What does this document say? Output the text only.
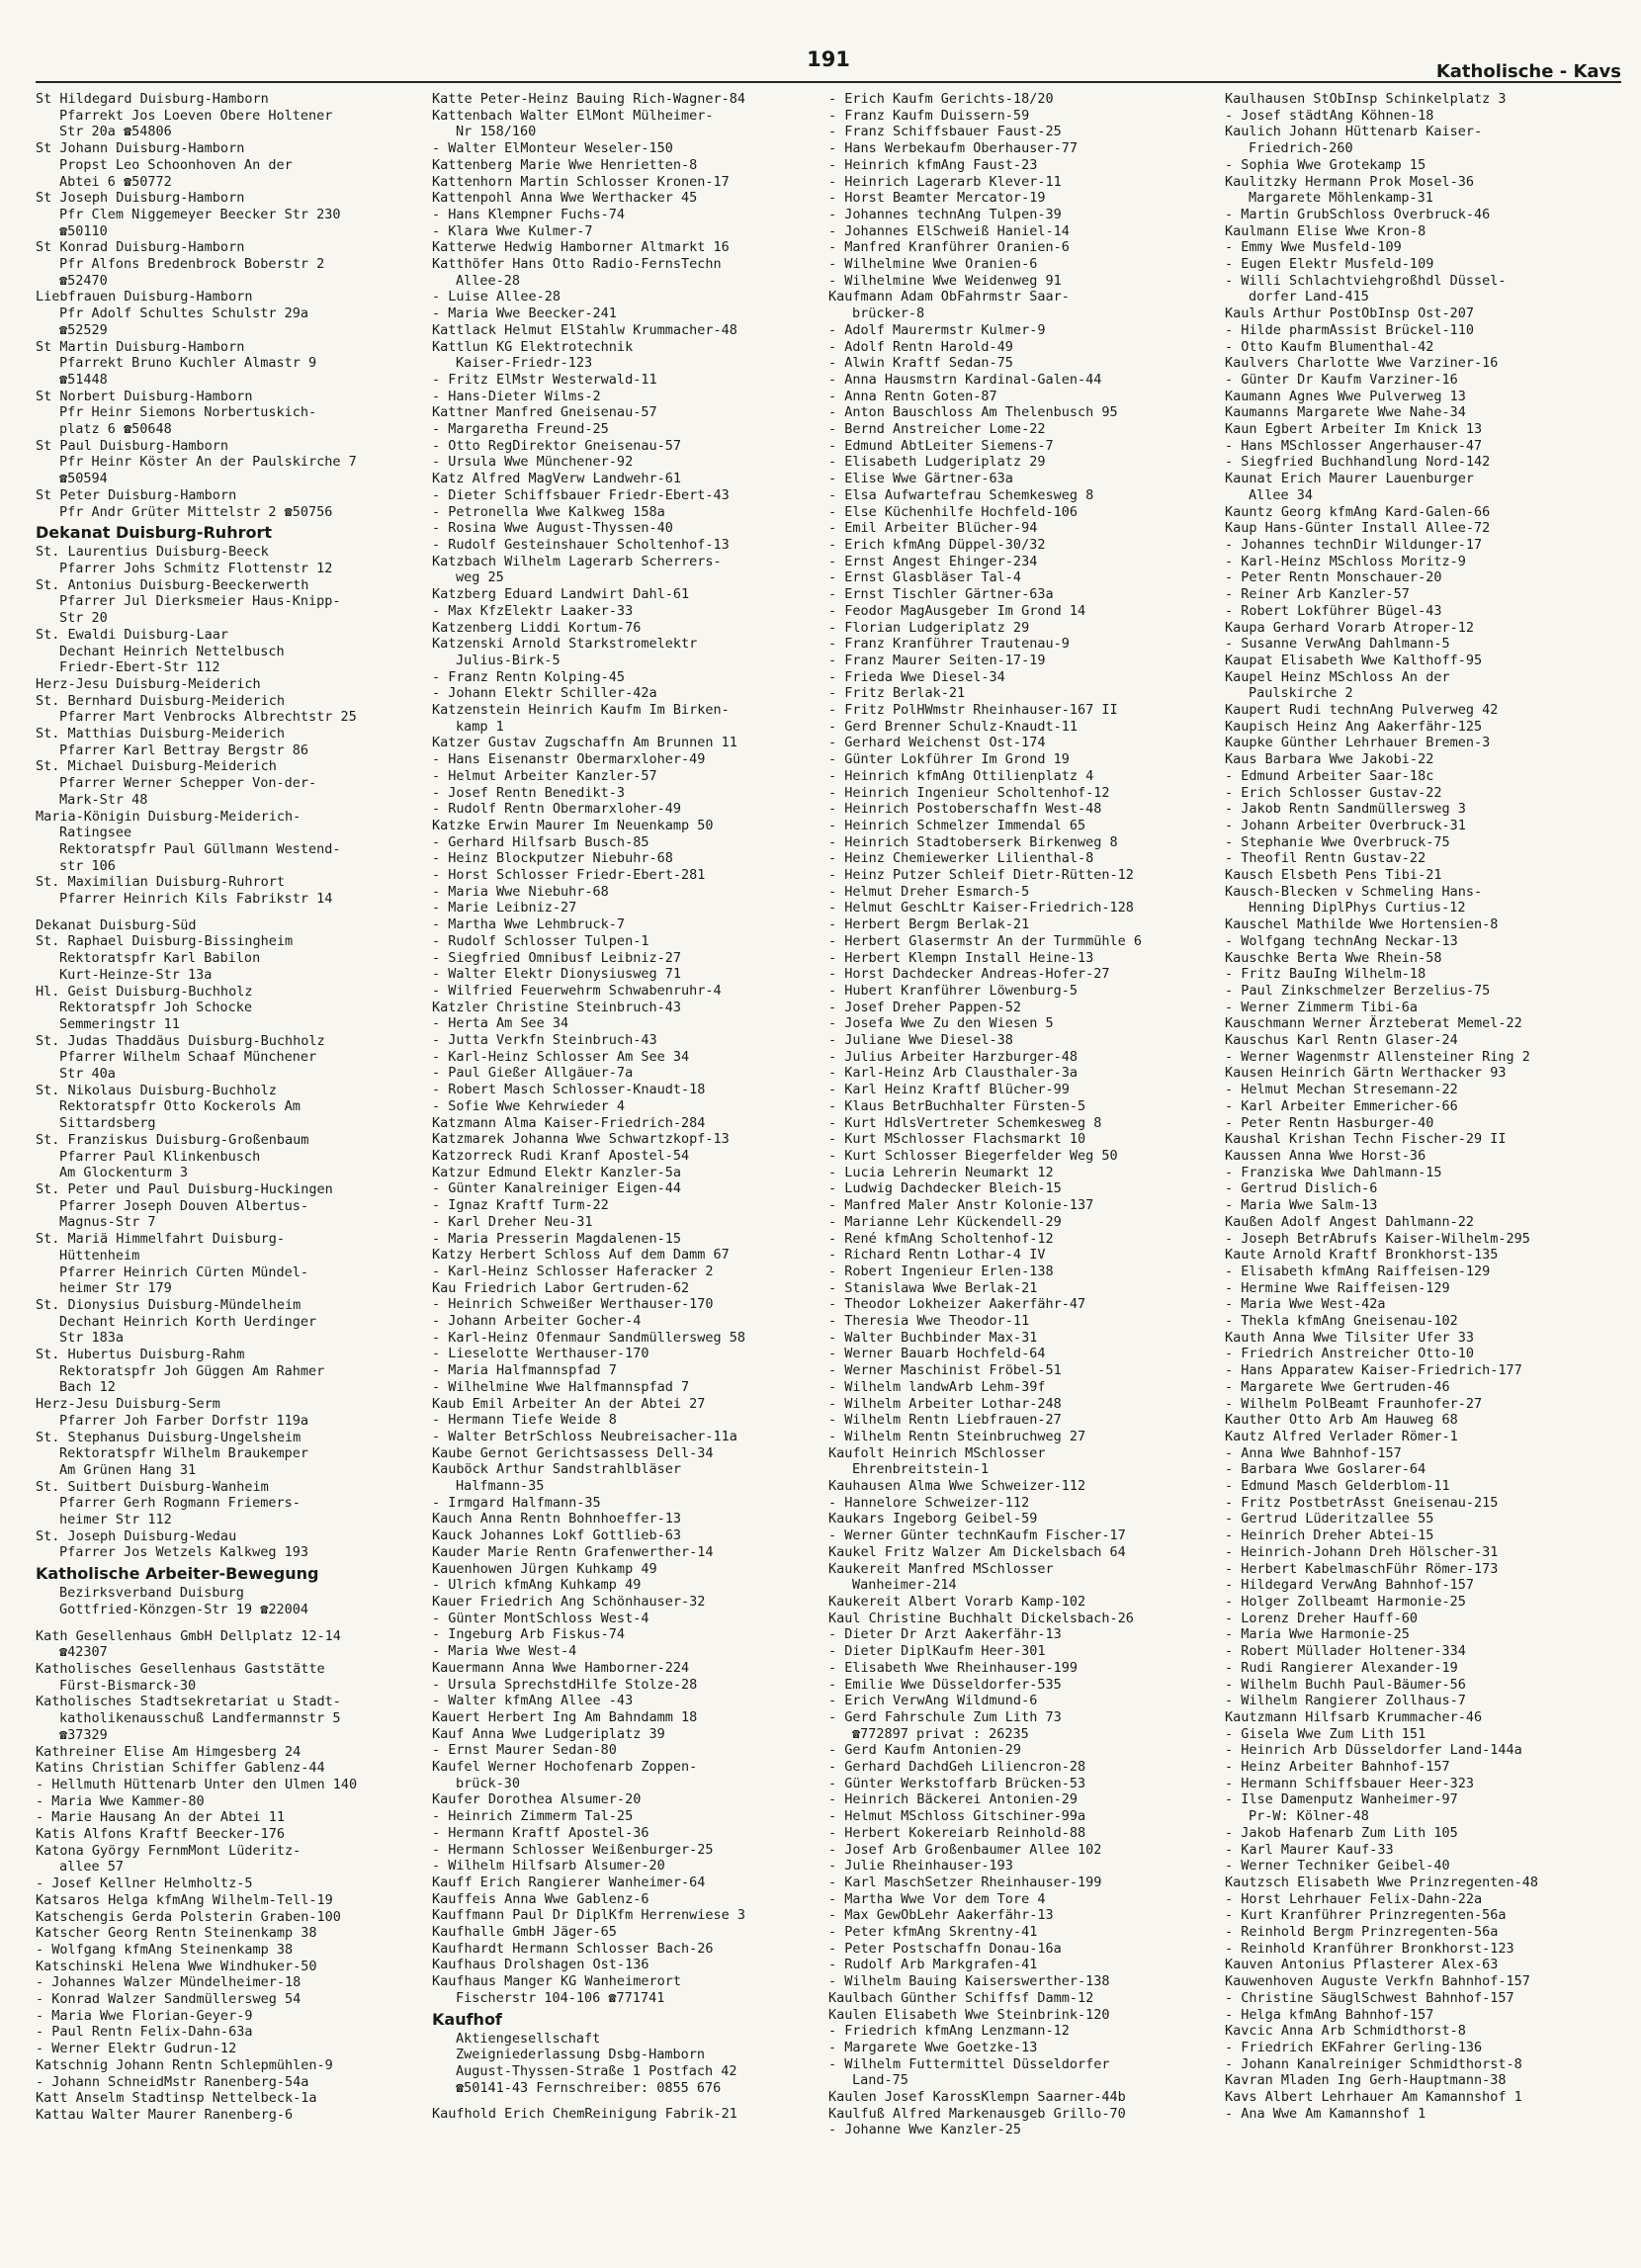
191
Katholische - Kavs
St Hildegard Duisburg-Hamborn
Pfarrekt Jos Loeven Obere Holtener
Str 20a ☎54806
St Johann Duisburg-Hamborn
Propst Leo Schoonhoven An der
Abtei 6 ☎50772
St Joseph Duisburg-Hamborn
Pfr Clem Niggemeyer Beecker Str 230
☎50110
St Konrad Duisburg-Hamborn
Pfr Alfons Bredenbrock Boberstr 2
☎52470
Liebfrauen Duisburg-Hamborn
Pfr Adolf Schultes Schulstr 29a
☎52529
St Martin Duisburg-Hamborn
Pfarrekt Bruno Kuchler Almastr 9
☎51448
St Norbert Duisburg-Hamborn
Pfr Heinr Siemons Norbertuskich-
platz 6 ☎50648
St Paul Duisburg-Hamborn
Pfr Heinr Köster An der Paulskirche 7
☎50594
St Peter Duisburg-Hamborn
Pfr Andr Grüter Mittelstr 2 ☎50756
Dekanat Duisburg-Ruhrort
St. Laurentius Duisburg-Beeck
Pfarrer Johs Schmitz Flottenstr 12
St. Antonius Duisburg-Beeckerwerth
Pfarrer Jul Dierksmeier Haus-Knipp-
Str 20
St. Ewaldi Duisburg-Laar
Dechant Heinrich Nettelbusch
Friedr-Ebert-Str 112
Herz-Jesu Duisburg-Meiderich
St. Bernhard Duisburg-Meiderich
Pfarrer Mart Venbrocks Albrechtstr 25
St. Matthias Duisburg-Meiderich
Pfarrer Karl Bettray Bergstr 86
St. Michael Duisburg-Meiderich
Pfarrer Werner Schepper Von-der-
Mark-Str 48
Maria-Königin Duisburg-Meiderich-
Ratingsee
Rektoratspfr Paul Güllmann Westend-
str 106
St. Maximilian Duisburg-Ruhrort
Pfarrer Heinrich Kils Fabrikstr 14
Dekanat Duisburg-Süd
St. Raphael Duisburg-Bissingheim
Rektoratspfr Karl Babilon
Kurt-Heinze-Str 13a
Hl. Geist Duisburg-Buchholz
Rektoratspfr Joh Schocke
Semmeringstr 11
St. Judas Thaddäus Duisburg-Buchholz
Pfarrer Wilhelm Schaaf Münchener
Str 40a
St. Nikolaus Duisburg-Buchholz
Rektoratspfr Otto Kockerols Am
Sittardsberg
St. Franziskus Duisburg-Großenbaum
Pfarrer Paul Klinkenbusch
Am Glockenturm 3
St. Peter und Paul Duisburg-Huckingen
Pfarrer Joseph Douven Albertus-
Magnus-Str 7
St. Mariä Himmelfahrt Duisburg-
Hüttenheim
Pfarrer Heinrich Cürten Mündel-
heimer Str 179
St. Dionysius Duisburg-Mündelheim
Dechant Heinrich Korth Uerdinger
Str 183a
St. Hubertus Duisburg-Rahm
Rektoratspfr Joh Güggen Am Rahmer
Bach 12
Herz-Jesu Duisburg-Serm
Pfarrer Joh Farber Dorfstr 119a
St. Stephanus Duisburg-Ungelsheim
Rektoratspfr Wilhelm Braukemper
Am Grünen Hang 31
St. Suitbert Duisburg-Wanheim
Pfarrer Gerh Rogmann Friemers-
heimer Str 112
St. Joseph Duisburg-Wedau
Pfarrer Jos Wetzels Kalkweg 193
Katholische Arbeiter-Bewegung
Bezirksverband Duisburg
Gottfried-Könzgen-Str 19 ☎22004
Kath Gesellenhaus GmbH Dellplatz 12-14
☎42307
Katholisches Gesellenhaus Gaststätte
Fürst-Bismarck-30
Katholisches Stadtsekretariat u Stadt-
katholikenausschuß Landfermannstr 5
☎37329
Kathreiner Elise Am Himgesberg 24
Katins Christian Schiffer Gablenz-44
- Hellmuth Hüttenarb Unter den Ulmen 140
- Maria Wwe Kammer-80
- Marie Hausang An der Abtei 11
Katis Alfons Kraftf Beecker-176
Katona György FernmMont Lüderitz-
allee 57
- Josef Kellner Helmholtz-5
Katsaros Helga kfmAng Wilhelm-Tell-19
Katschengis Gerda Polsterin Graben-100
Katscher Georg Rentn Steinenkamp 38
- Wolfgang kfmAng Steinenkamp 38
Katschinski Helena Wwe Windhuker-50
- Johannes Walzer Mündelheimer-18
- Konrad Walzer Sandmüllersweg 54
- Maria Wwe Florian-Geyer-9
- Paul Rentn Felix-Dahn-63a
- Werner Elektr Gudrun-12
Katschnig Johann Rentn Schlepmühlen-9
- Johann SchneidMstr Ranenberg-54a
Katt Anselm Stadtinsp Nettelbeck-1a
Kattau Walter Maurer Ranenberg-6
Katte Peter-Heinz Bauing Rich-Wagner-84
Kattenbach Walter ElMont Mülheimer-
Nr 158/160
- Walter ElMonteur Weseler-150
Kattenberg Marie Wwe Henrietten-8
Kattenhorn Martin Schlosser Kronen-17
Kattenpohl Anna Wwe Werthacker 45
- Hans Klempner Fuchs-74
- Klara Wwe Kulmer-7
Katterwe Hedwig Hamborner Altmarkt 16
Katthöfer Hans Otto Radio-FernsTechn
Allee-28
- Luise Allee-28
- Maria Wwe Beecker-241
Kattlack Helmut ElStahlw Krummacher-48
Kattlun KG Elektrotechnik
Kaiser-Friedr-123
- Fritz ElMstr Westerwald-11
- Hans-Dieter Wilms-2
Kattner Manfred Gneisenau-57
- Margaretha Freund-25
- Otto RegDirektor Gneisenau-57
- Ursula Wwe Münchener-92
Katz Alfred MagVerw Landwehr-61
- Dieter Schiffsbauer Friedr-Ebert-43
- Petronella Wwe Kalkweg 158a
- Rosina Wwe August-Thyssen-40
- Rudolf Gesteinshauer Scholtenhof-13
Katzbach Wilhelm Lagerarb Scherrers-
weg 25
Katzberg Eduard Landwirt Dahl-61
- Max KfzElektr Laaker-33
Katzenberg Liddi Kortum-76
Katzenski Arnold Starkstromelektr
Julius-Birk-5
- Franz Rentn Kolping-45
- Johann Elektr Schiller-42a
Katzenstein Heinrich Kaufm Im Birken-
kamp 1
Katzer Gustav Zugschaffn Am Brunnen 11
- Hans Eisenanstr Obermarxloher-49
- Helmut Arbeiter Kanzler-57
- Josef Rentn Benedikt-3
- Rudolf Rentn Obermarxloher-49
Katzke Erwin Maurer Im Neuenkamp 50
- Gerhard Hilfsarb Busch-85
- Heinz Blockputzer Niebuhr-68
- Horst Schlosser Friedr-Ebert-281
- Maria Wwe Niebuhr-68
- Marie Leibniz-27
- Martha Wwe Lehmbruck-7
- Rudolf Schlosser Tulpen-1
- Siegfried Omnibusf Leibniz-27
- Walter Elektr Dionysiusweg 71
- Wilfried Feuerwehrm Schwabenruhr-4
Katzler Christine Steinbruch-43
- Herta Am See 34
- Jutta Verkfn Steinbruch-43
- Karl-Heinz Schlosser Am See 34
- Paul Gießer Allgäuer-7a
- Robert Masch Schlosser-Knaudt-18
- Sofie Wwe Kehrwieder 4
Katzmann Alma Kaiser-Friedrich-284
Katzmarek Johanna Wwe Schwartzkopf-13
Katzorreck Rudi Kranf Apostel-54
Katzur Edmund Elektr Kanzler-5a
- Günter Kanalreiniger Eigen-44
- Ignaz Kraftf Turm-22
- Karl Dreher Neu-31
- Maria Presserin Magdalenen-15
Katzy Herbert Schloss Auf dem Damm 67
- Karl-Heinz Schlosser Haferacker 2
Kau Friedrich Labor Gertruden-62
- Heinrich Schweißer Werthauser-170
- Johann Arbeiter Gocher-4
- Karl-Heinz Ofenmaur Sandmüllersweg 58
- Lieselotte Werthauser-170
- Maria Halfmannspfad 7
- Wilhelmine Wwe Halfmannspfad 7
Kaub Emil Arbeiter An der Abtei 27
- Hermann Tiefe Weide 8
- Walter BetrSchloss Neubreisacher-11a
Kaube Gernot Gerichtsassess Dell-34
Kauböck Arthur Sandstrahlbläser
Halfmann-35
- Irmgard Halfmann-35
Kauch Anna Rentn Bohnhoeffer-13
Kauck Johannes Lokf Gottlieb-63
Kauder Marie Rentn Grafenwerther-14
Kauenhowen Jürgen Kuhkamp 49
- Ulrich kfmAng Kuhkamp 49
Kauer Friedrich Ang Schönhauser-32
- Günter MontSchloss West-4
- Ingeburg Arb Fiskus-74
- Maria Wwe West-4
Kauermann Anna Wwe Hamborner-224
- Ursula SprechstdHilfe Stolze-28
- Walter kfmAng Allee -43
Kauert Herbert Ing Am Bahndamm 18
Kauf Anna Wwe Ludgeriplatz 39
- Ernst Maurer Sedan-80
Kaufel Werner Hochofenarb Zoppen-
brück-30
Kaufer Dorothea Alsumer-20
- Heinrich Zimmerm Tal-25
- Hermann Kraftf Apostel-36
- Hermann Schlosser Weißenburger-25
- Wilhelm Hilfsarb Alsumer-20
Kauff Erich Rangierer Wanheimer-64
Kauffeis Anna Wwe Gablenz-6
Kauffmann Paul Dr DiplKfm Herrenwiese 3
Kaufhalle GmbH Jäger-65
Kaufhardt Hermann Schlosser Bach-26
Kaufhaus Drolshagen Ost-136
Kaufhaus Manger KG Wanheimerort
Fischerstr 104-106 ☎771741
Kaufhof
Aktiengesellschaft
Zweigniederlassung Dsbg-Hamborn
August-Thyssen-Straße 1 Postfach 42
☎50141-43 Fernschreiber: 0855 676
Kaufhold Erich ChemReinigung Fabrik-21
- Erich Kaufm Gerichts-18/20
- Franz Kaufm Duissern-59
- Franz Schiffsbauer Faust-25
- Hans Werbekaufm Oberhauser-77
- Heinrich kfmAng Faust-23
- Heinrich Lagerarb Klever-11
- Horst Beamter Mercator-19
- Johannes technAng Tulpen-39
- Johannes ElSchweiß Haniel-14
- Manfred Kranführer Oranien-6
- Wilhelmine Wwe Oranien-6
- Wilhelmine Wwe Weidenweg 91
Kaufmann Adam ObFahrmstr Saar-
brücker-8
- Adolf Maurermstr Kulmer-9
- Adolf Rentn Harold-49
- Alwin Kraftf Sedan-75
- Anna Hausmstrn Kardinal-Galen-44
- Anna Rentn Goten-87
- Anton Bauschloss Am Thelenbusch 95
- Bernd Anstreicher Lome-22
- Edmund AbtLeiter Siemens-7
- Elisabeth Ludgeriplatz 29
- Elise Wwe Gärtner-63a
- Elsa Aufwartefrau Schemkesweg 8
- Else Küchenhilfe Hochfeld-106
- Emil Arbeiter Blücher-94
- Erich kfmAng Düppel-30/32
- Ernst Angest Ehinger-234
- Ernst Glasbläser Tal-4
- Ernst Tischler Gärtner-63a
- Feodor MagAusgeber Im Grond 14
- Florian Ludgeriplatz 29
- Franz Kranführer Trautenau-9
- Franz Maurer Seiten-17-19
- Frieda Wwe Diesel-34
- Fritz Berlak-21
- Fritz PolHWmstr Rheinhauser-167 II
- Gerd Brenner Schulz-Knaudt-11
- Gerhard Weichenst Ost-174
- Günter Lokführer Im Grond 19
- Heinrich kfmAng Ottilienplatz 4
- Heinrich Ingenieur Scholtenhof-12
- Heinrich Postoberschaffn West-48
- Heinrich Schmelzer Immendal 65
- Heinrich Stadtoberserk Birkenweg 8
- Heinz Chemiewerker Lilienthal-8
- Heinz Putzer Schleif Dietr-Rütten-12
- Helmut Dreher Esmarch-5
- Helmut GeschLtr Kaiser-Friedrich-128
- Herbert Bergm Berlak-21
- Herbert Glasermstr An der Turmmühle 6
- Herbert Klempn Install Heine-13
- Horst Dachdecker Andreas-Hofer-27
- Hubert Kranführer Löwenburg-5
- Josef Dreher Pappen-52
- Josefa Wwe Zu den Wiesen 5
- Juliane Wwe Diesel-38
- Julius Arbeiter Harzburger-48
- Karl-Heinz Arb Clausthaler-3a
- Karl Heinz Kraftf Blücher-99
- Klaus BetrBuchhalter Fürsten-5
- Kurt HdlsVertreter Schemkesweg 8
- Kurt MSchlosser Flachsmarkt 10
- Kurt Schlosser Biegerfelder Weg 50
- Lucia Lehrerin Neumarkt 12
- Ludwig Dachdecker Bleich-15
- Manfred Maler Anstr Kolonie-137
- Marianne Lehr Kückendell-29
- René kfmAng Scholtenhof-12
- Richard Rentn Lothar-4 IV
- Robert Ingenieur Erlen-138
- Stanislawa Wwe Berlak-21
- Theodor Lokheizer Aakerfähr-47
- Theresia Wwe Theodor-11
- Walter Buchbinder Max-31
- Werner Bauarb Hochfeld-64
- Werner Maschinist Fröbel-51
- Wilhelm landwArb Lehm-39f
- Wilhelm Arbeiter Lothar-248
- Wilhelm Rentn Liebfrauen-27
- Wilhelm Rentn Steinbruchweg 27
Kaufolt Heinrich MSchlosser
Ehrenbreitstein-1
Kauhausen Alma Wwe Schweizer-112
- Hannelore Schweizer-112
Kaukars Ingeborg Geibel-59
- Werner Günter technKaufm Fischer-17
Kaukel Fritz Walzer Am Dickelsbach 64
Kaukereit Manfred MSchlosser
Wanheimer-214
Kaukereit Albert Vorarb Kamp-102
Kaul Christine Buchhalt Dickelsbach-26
- Dieter Dr Arzt Aakerfähr-13
- Dieter DiplKaufm Heer-301
- Elisabeth Wwe Rheinhauser-199
- Emilie Wwe Düsseldorfer-535
- Erich VerwAng Wildmund-6
- Gerd Fahrschule Zum Lith 73
☎772897 privat : 26235
- Gerd Kaufm Antonien-29
- Gerhard DachdGeh Liliencron-28
- Günter Werkstoffarb Brücken-53
- Heinrich Bäckerei Antonien-29
- Helmut MSchloss Gitschiner-99a
- Herbert Kokereiarb Reinhold-88
- Josef Arb Großenbaumer Allee 102
- Julie Rheinhauser-193
- Karl MaschSetzer Rheinhauser-199
- Martha Wwe Vor dem Tore 4
- Max GewObLehr Aakerfähr-13
- Peter kfmAng Skrentny-41
- Peter Postschaffn Donau-16a
- Rudolf Arb Markgrafen-41
- Wilhelm Bauing Kaiserswerther-138
Kaulbach Günther Schiffsf Damm-12
Kaulen Elisabeth Wwe Steinbrink-120
- Friedrich kfmAng Lenzmann-12
- Margarete Wwe Goetzke-13
- Wilhelm Futtermittel Düsseldorfer
Land-75
Kaulen Josef KarossKlempn Saarner-44b
Kaulfuß Alfred Markenausgeb Grillo-70
- Johanne Wwe Kanzler-25
Kaulhausen StObInsp Schinkelplatz 3
- Josef städtAng Köhnen-18
Kaulich Johann Hüttenarb Kaiser-
Friedrich-260
- Sophia Wwe Grotekamp 15
Kaulitzky Hermann Prok Mosel-36
Margarete Möhlenkamp-31
- Martin GrubSchloss Overbruck-46
Kaulmann Elise Wwe Kron-8
- Emmy Wwe Musfeld-109
- Eugen Elektr Musfeld-109
- Willi Schlachtviehgroßhdl Düssel-
dorfer Land-415
Kauls Arthur PostObInsp Ost-207
- Hilde pharmAssist Brückel-110
- Otto Kaufm Blumenthal-42
Kaulvers Charlotte Wwe Varziner-16
- Günter Dr Kaufm Varziner-16
Kaumann Agnes Wwe Pulverweg 13
Kaumanns Margarete Wwe Nahe-34
Kaun Egbert Arbeiter Im Knick 13
- Hans MSchlosser Angerhauser-47
- Siegfried Buchhandlung Nord-142
Kaunat Erich Maurer Lauenburger
Allee 34
Kauntz Georg kfmAng Kard-Galen-66
Kaup Hans-Günter Install Allee-72
- Johannes technDir Wildunger-17
- Karl-Heinz MSchloss Moritz-9
- Peter Rentn Monschauer-20
- Reiner Arb Kanzler-57
- Robert Lokführer Bügel-43
Kaupa Gerhard Vorarb Atroper-12
- Susanne VerwAng Dahlmann-5
Kaupat Elisabeth Wwe Kalthoff-95
Kaupel Heinz MSchloss An der
Paulskirche 2
Kaupert Rudi technAng Pulverweg 42
Kaupisch Heinz Ang Aakerfähr-125
Kaupke Günther Lehrhauer Bremen-3
Kaus Barbara Wwe Jakobi-22
- Edmund Arbeiter Saar-18c
- Erich Schlosser Gustav-22
- Jakob Rentn Sandmüllersweg 3
- Johann Arbeiter Overbruck-31
- Stephanie Wwe Overbruck-75
- Theofil Rentn Gustav-22
Kausch Elsbeth Pens Tibi-21
Kausch-Blecken v Schmeling Hans-
Henning DiplPhys Curtius-12
Kauschel Mathilde Wwe Hortensien-8
- Wolfgang technAng Neckar-13
Kauschke Berta Wwe Rhein-58
- Fritz BauIng Wilhelm-18
- Paul Zinkschmelzer Berzelius-75
- Werner Zimmerm Tibi-6a
Kauschmann Werner Ärzteberat Memel-22
Kauschus Karl Rentn Glaser-24
- Werner Wagenmstr Allensteiner Ring 2
Kausen Heinrich Gärtn Werthacker 93
- Helmut Mechan Stresemann-22
- Karl Arbeiter Emmericher-66
- Peter Rentn Hasburger-40
Kaushal Krishan Techn Fischer-29 II
Kaussen Anna Wwe Horst-36
- Franziska Wwe Dahlmann-15
- Gertrud Dislich-6
- Maria Wwe Salm-13
Kaußen Adolf Angest Dahlmann-22
- Joseph BetrAbrufs Kaiser-Wilhelm-295
Kaute Arnold Kraftf Bronkhorst-135
- Elisabeth kfmAng Raiffeisen-129
- Hermine Wwe Raiffeisen-129
- Maria Wwe West-42a
- Thekla kfmAng Gneisenau-102
Kauth Anna Wwe Tilsiter Ufer 33
- Friedrich Anstreicher Otto-10
- Hans Apparatew Kaiser-Friedrich-177
- Margarete Wwe Gertruden-46
- Wilhelm PolBeamt Fraunhofer-27
Kauther Otto Arb Am Hauweg 68
Kautz Alfred Verlader Römer-1
- Anna Wwe Bahnhof-157
- Barbara Wwe Goslarer-64
- Edmund Masch Gelderblom-11
- Fritz PostbetrAsst Gneisenau-215
- Gertrud Lüderitzallee 55
- Heinrich Dreher Abtei-15
- Heinrich-Johann Dreh Hölscher-31
- Herbert KabelmaschFühr Römer-173
- Hildegard VerwAng Bahnhof-157
- Holger Zollbeamt Harmonie-25
- Lorenz Dreher Hauff-60
- Maria Wwe Harmonie-25
- Robert Müllader Holtener-334
- Rudi Rangierer Alexander-19
- Wilhelm Buchh Paul-Bäumer-56
- Wilhelm Rangierer Zollhaus-7
Kautzmann Hilfsarb Krummacher-46
- Gisela Wwe Zum Lith 151
- Heinrich Arb Düsseldorfer Land-144a
- Heinz Arbeiter Bahnhof-157
- Hermann Schiffsbauer Heer-323
- Ilse Damenputz Wanheimer-97
Pr-W: Kölner-48
- Jakob Hafenarb Zum Lith 105
- Karl Maurer Kauf-33
- Werner Techniker Geibel-40
Kautzsch Elisabeth Wwe Prinzregenten-48
- Horst Lehrhauer Felix-Dahn-22a
- Kurt Kranführer Prinzregenten-56a
- Reinhold Bergm Prinzregenten-56a
- Reinhold Kranführer Bronkhorst-123
Kauven Antonius Pflasterer Alex-63
Kauwenhoven Auguste Verkfn Bahnhof-157
- Christine SäuglSchwest Bahnhof-157
- Helga kfmAng Bahnhof-157
Kavcic Anna Arb Schmidthorst-8
- Friedrich EKFahrer Gerling-136
- Johann Kanalreiniger Schmidthorst-8
Kavran Mladen Ing Gerh-Hauptmann-38
Kavs Albert Lehrhauer Am Kamannshof 1
- Ana Wwe Am Kamannshof 1
